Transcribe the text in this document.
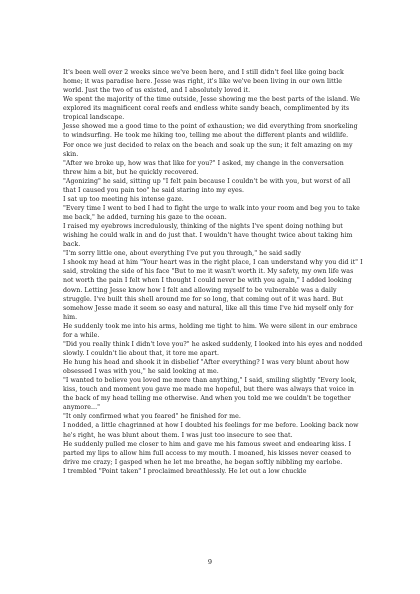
It's been well over 2 weeks since we've been here, and I still didn't feel like going back home; it was paradise here. Jesse was right, it's like we've been living in our own little world. Just the two of us existed, and I absolutely loved it.

We spent the majority of the time outside, Jesse showing me the best parts of the island. We explored its magnificent coral reefs and endless white sandy beach, complimented by its tropical landscape.

Jesse showed me a good time to the point of exhaustion; we did everything from snorkeling to windsurfing. He took me hiking too, telling me about the different plants and wildlife.

For once we just decided to relax on the beach and soak up the sun; it felt amazing on my skin.

"After we broke up, how was that like for you?" I asked, my change in the conversation threw him a bit, but he quickly recovered.

"Agonizing" he said, sitting up "I felt pain because I couldn't be with you, but worst of all that I caused you pain too" he said staring into my eyes.

I sat up too meeting his intense gaze.

"Every time I went to bed I had to fight the urge to walk into your room and beg you to take me back," he added, turning his gaze to the ocean.

I raised my eyebrows incredulously, thinking of the nights I've spent doing nothing but wishing he could walk in and do just that. I wouldn't have thought twice about taking him back.

"I'm sorry little one, about everything I've put you through," he said sadly

I shook my head at him "Your heart was in the right place, I can understand why you did it" I said, stroking the side of his face "But to me it wasn't worth it. My safety, my own life was not worth the pain I felt when I thought I could never be with you again," I added looking down. Letting Jesse know how I felt and allowing myself to be vulnerable was a daily struggle. I've built this shell around me for so long, that coming out of it was hard. But somehow Jesse made it seem so easy and natural, like all this time I've hid myself only for him.

He suddenly took me into his arms, holding me tight to him. We were silent in our embrace for a while.

"Did you really think I didn't love you?" he asked suddenly, I looked into his eyes and nodded slowly. I couldn't lie about that, it tore me apart.

He hung his head and shook it in disbelief "After everything? I was very blunt about how obsessed I was with you," he said looking at me.

"I wanted to believe you loved me more than anything," I said, smiling slightly "Every look, kiss, touch and moment you gave me made me hopeful, but there was always that voice in the back of my head telling me otherwise. And when you told me we couldn't be together anymore..."

"It only confirmed what you feared" he finished for me.

I nodded, a little chagrinned at how I doubted his feelings for me before. Looking back now he's right, he was blunt about them. I was just too insecure to see that.

He suddenly pulled me closer to him and gave me his famous sweet and endearing kiss. I parted my lips to allow him full access to my mouth. I moaned, his kisses never ceased to drive me crazy; I gasped when he let me breathe, he began softly nibbling my earlobe.

I trembled "Point taken" I proclaimed breathlessly. He let out a low chuckle

9
